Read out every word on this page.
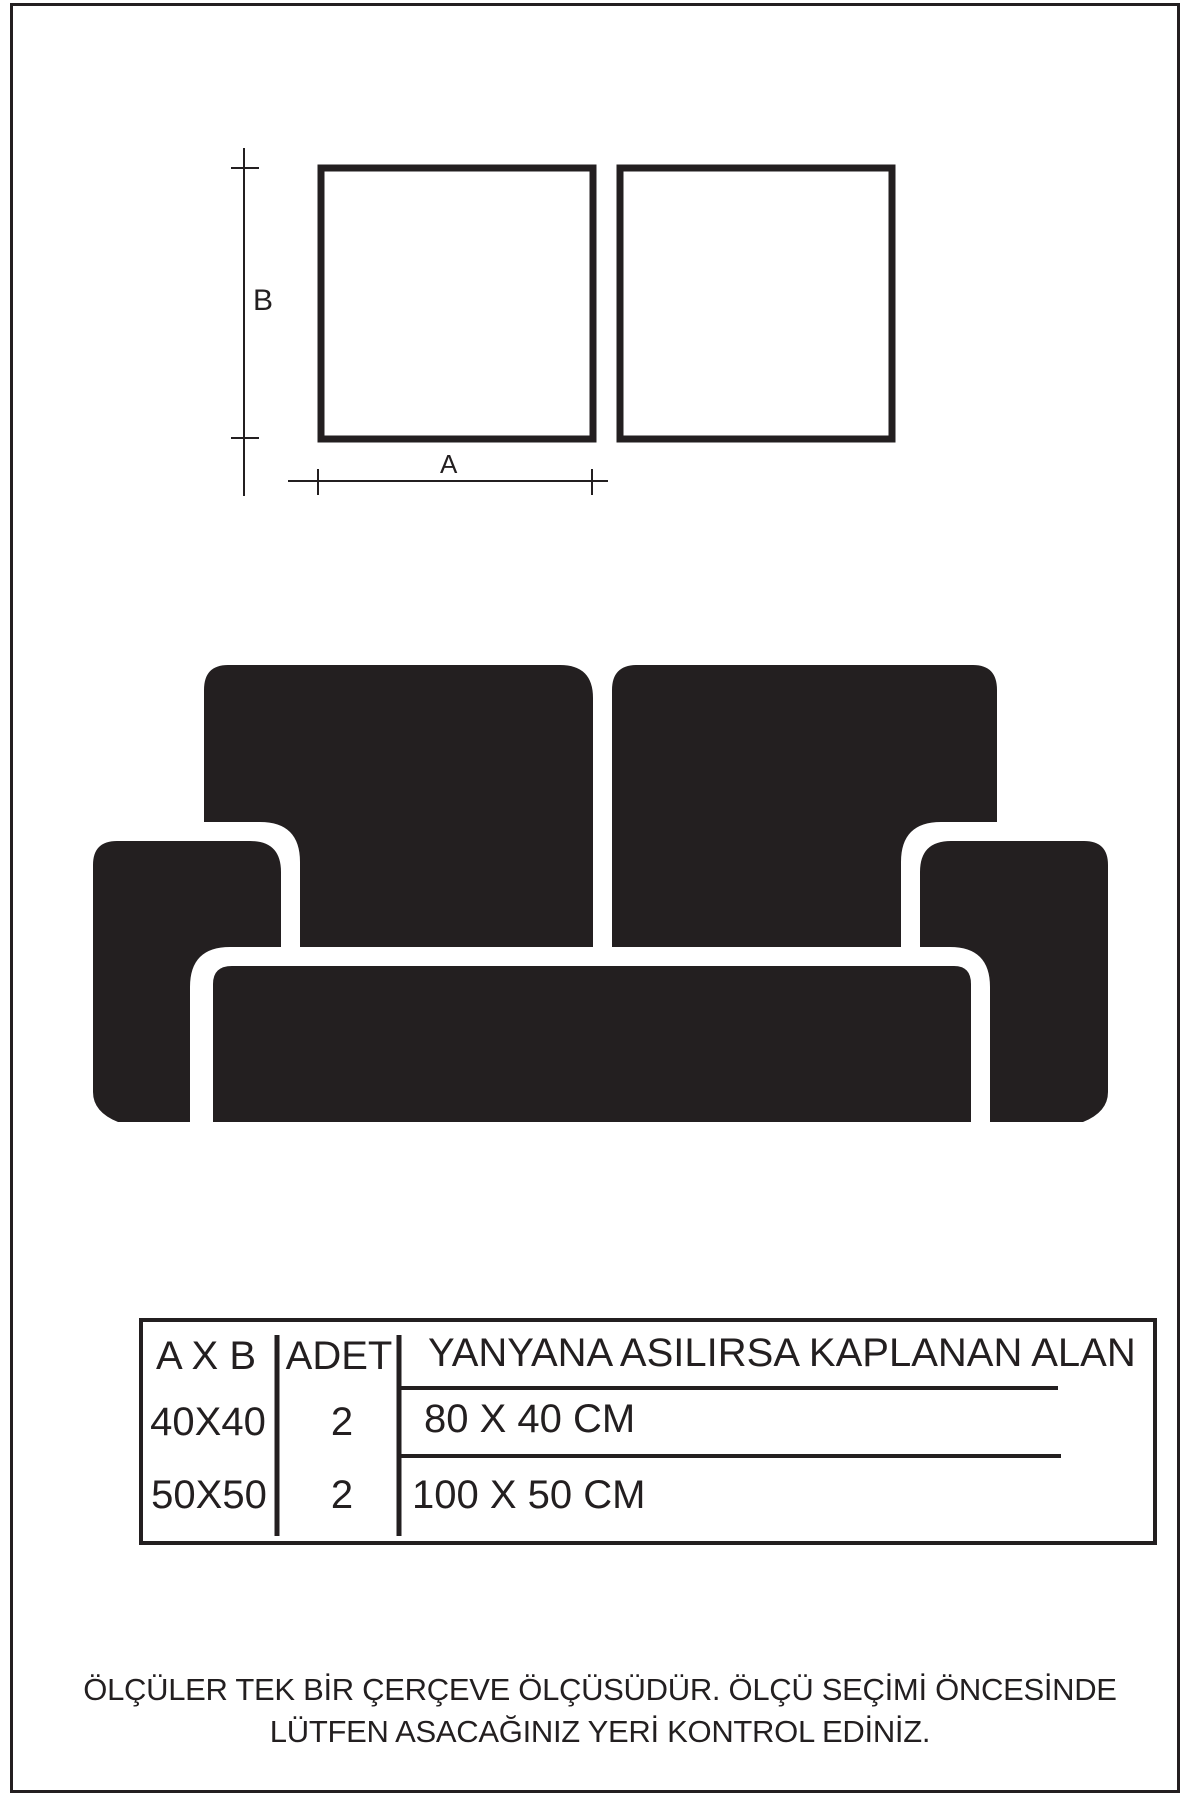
B
A
A X B ADET YANYANA ASILIRSA KAPLANAN ALAN
40X40 2 80 X 40 CM
50X50 2 100 X 50 CM
ÖLÇÜLER TEK BİR ÇERÇEVE ÖLÇÜSÜDÜR. ÖLÇÜ SEÇİMİ ÖNCESİNDE
LÜTFEN ASACAĞINIZ YERİ KONTROL EDİNİZ.
